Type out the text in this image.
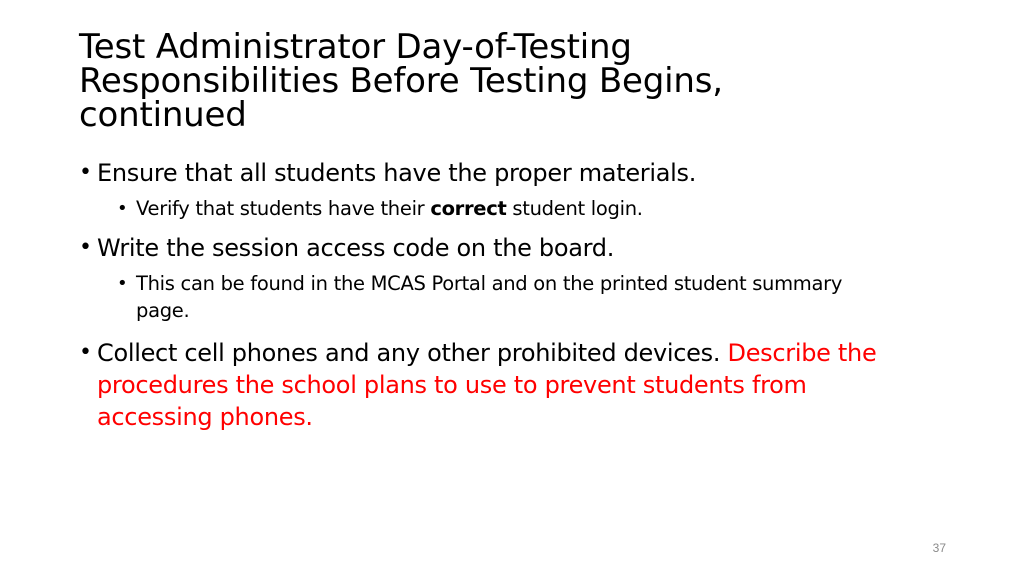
Test Administrator Day-of-Testing
Responsibilities Before Testing Begins,
continued
• Ensure that all students have the proper materials.
• Verify that students have their correct student login.
• Write the session access code on the board.
• This can be found in the MCAS Portal and on the printed student summary
page.
• Collect cell phones and any other prohibited devices. Describe the
procedures the school plans to use to prevent students from
accessing phones.
37
